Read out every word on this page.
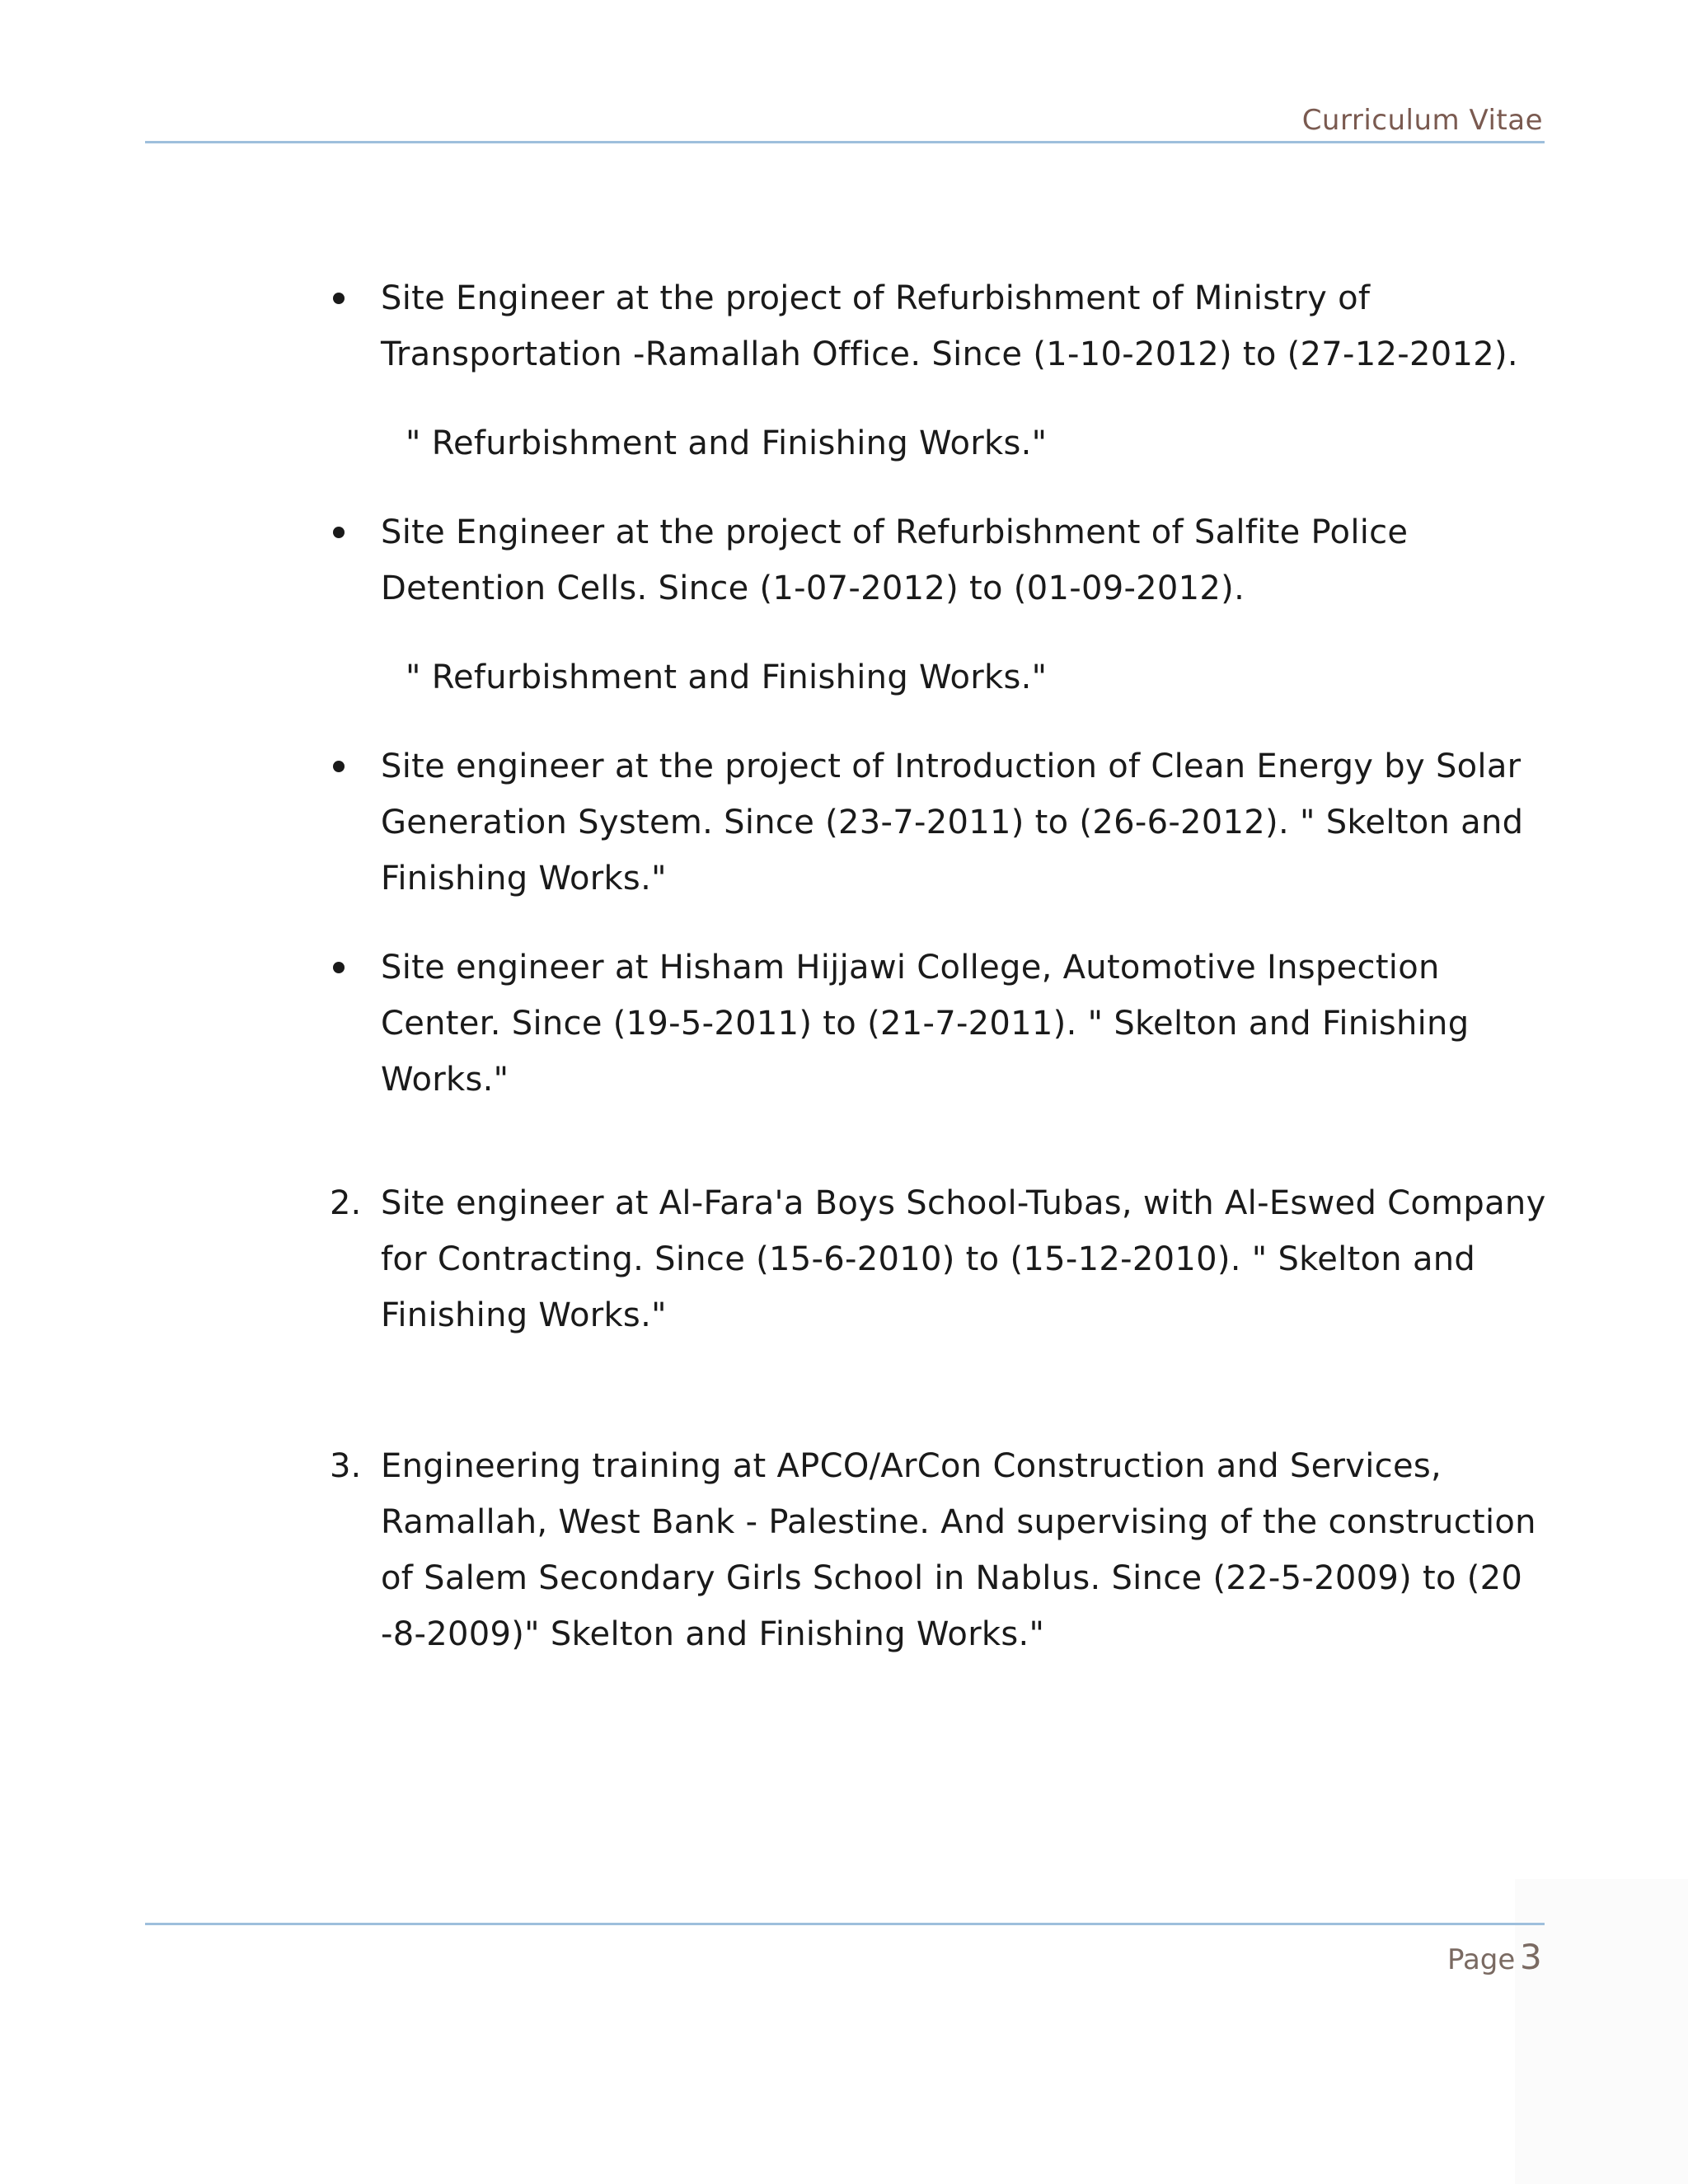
Curriculum Vitae
Site Engineer at the project of Refurbishment of Ministry of Transportation -Ramallah Office. Since (1-10-2012) to (27-12-2012).
" Refurbishment and Finishing Works."
Site Engineer at the project of Refurbishment of Salfite Police Detention Cells. Since (1-07-2012) to (01-09-2012).
" Refurbishment and Finishing Works."
Site engineer at the project of Introduction of Clean Energy by Solar Generation System. Since (23-7-2011) to (26-6-2012). " Skelton and Finishing Works."
Site engineer at Hisham Hijjawi College, Automotive Inspection Center. Since (19-5-2011) to (21-7-2011). " Skelton and Finishing Works."
2. Site engineer at Al-Fara'a Boys School-Tubas, with Al-Eswed Company for Contracting. Since (15-6-2010) to (15-12-2010). " Skelton and Finishing Works."
3. Engineering training at APCO/ArCon Construction and Services, Ramallah, West Bank - Palestine. And supervising of the construction of Salem Secondary Girls School in Nablus. Since (22-5-2009) to (20 -8-2009)" Skelton and Finishing Works."
Page 3
